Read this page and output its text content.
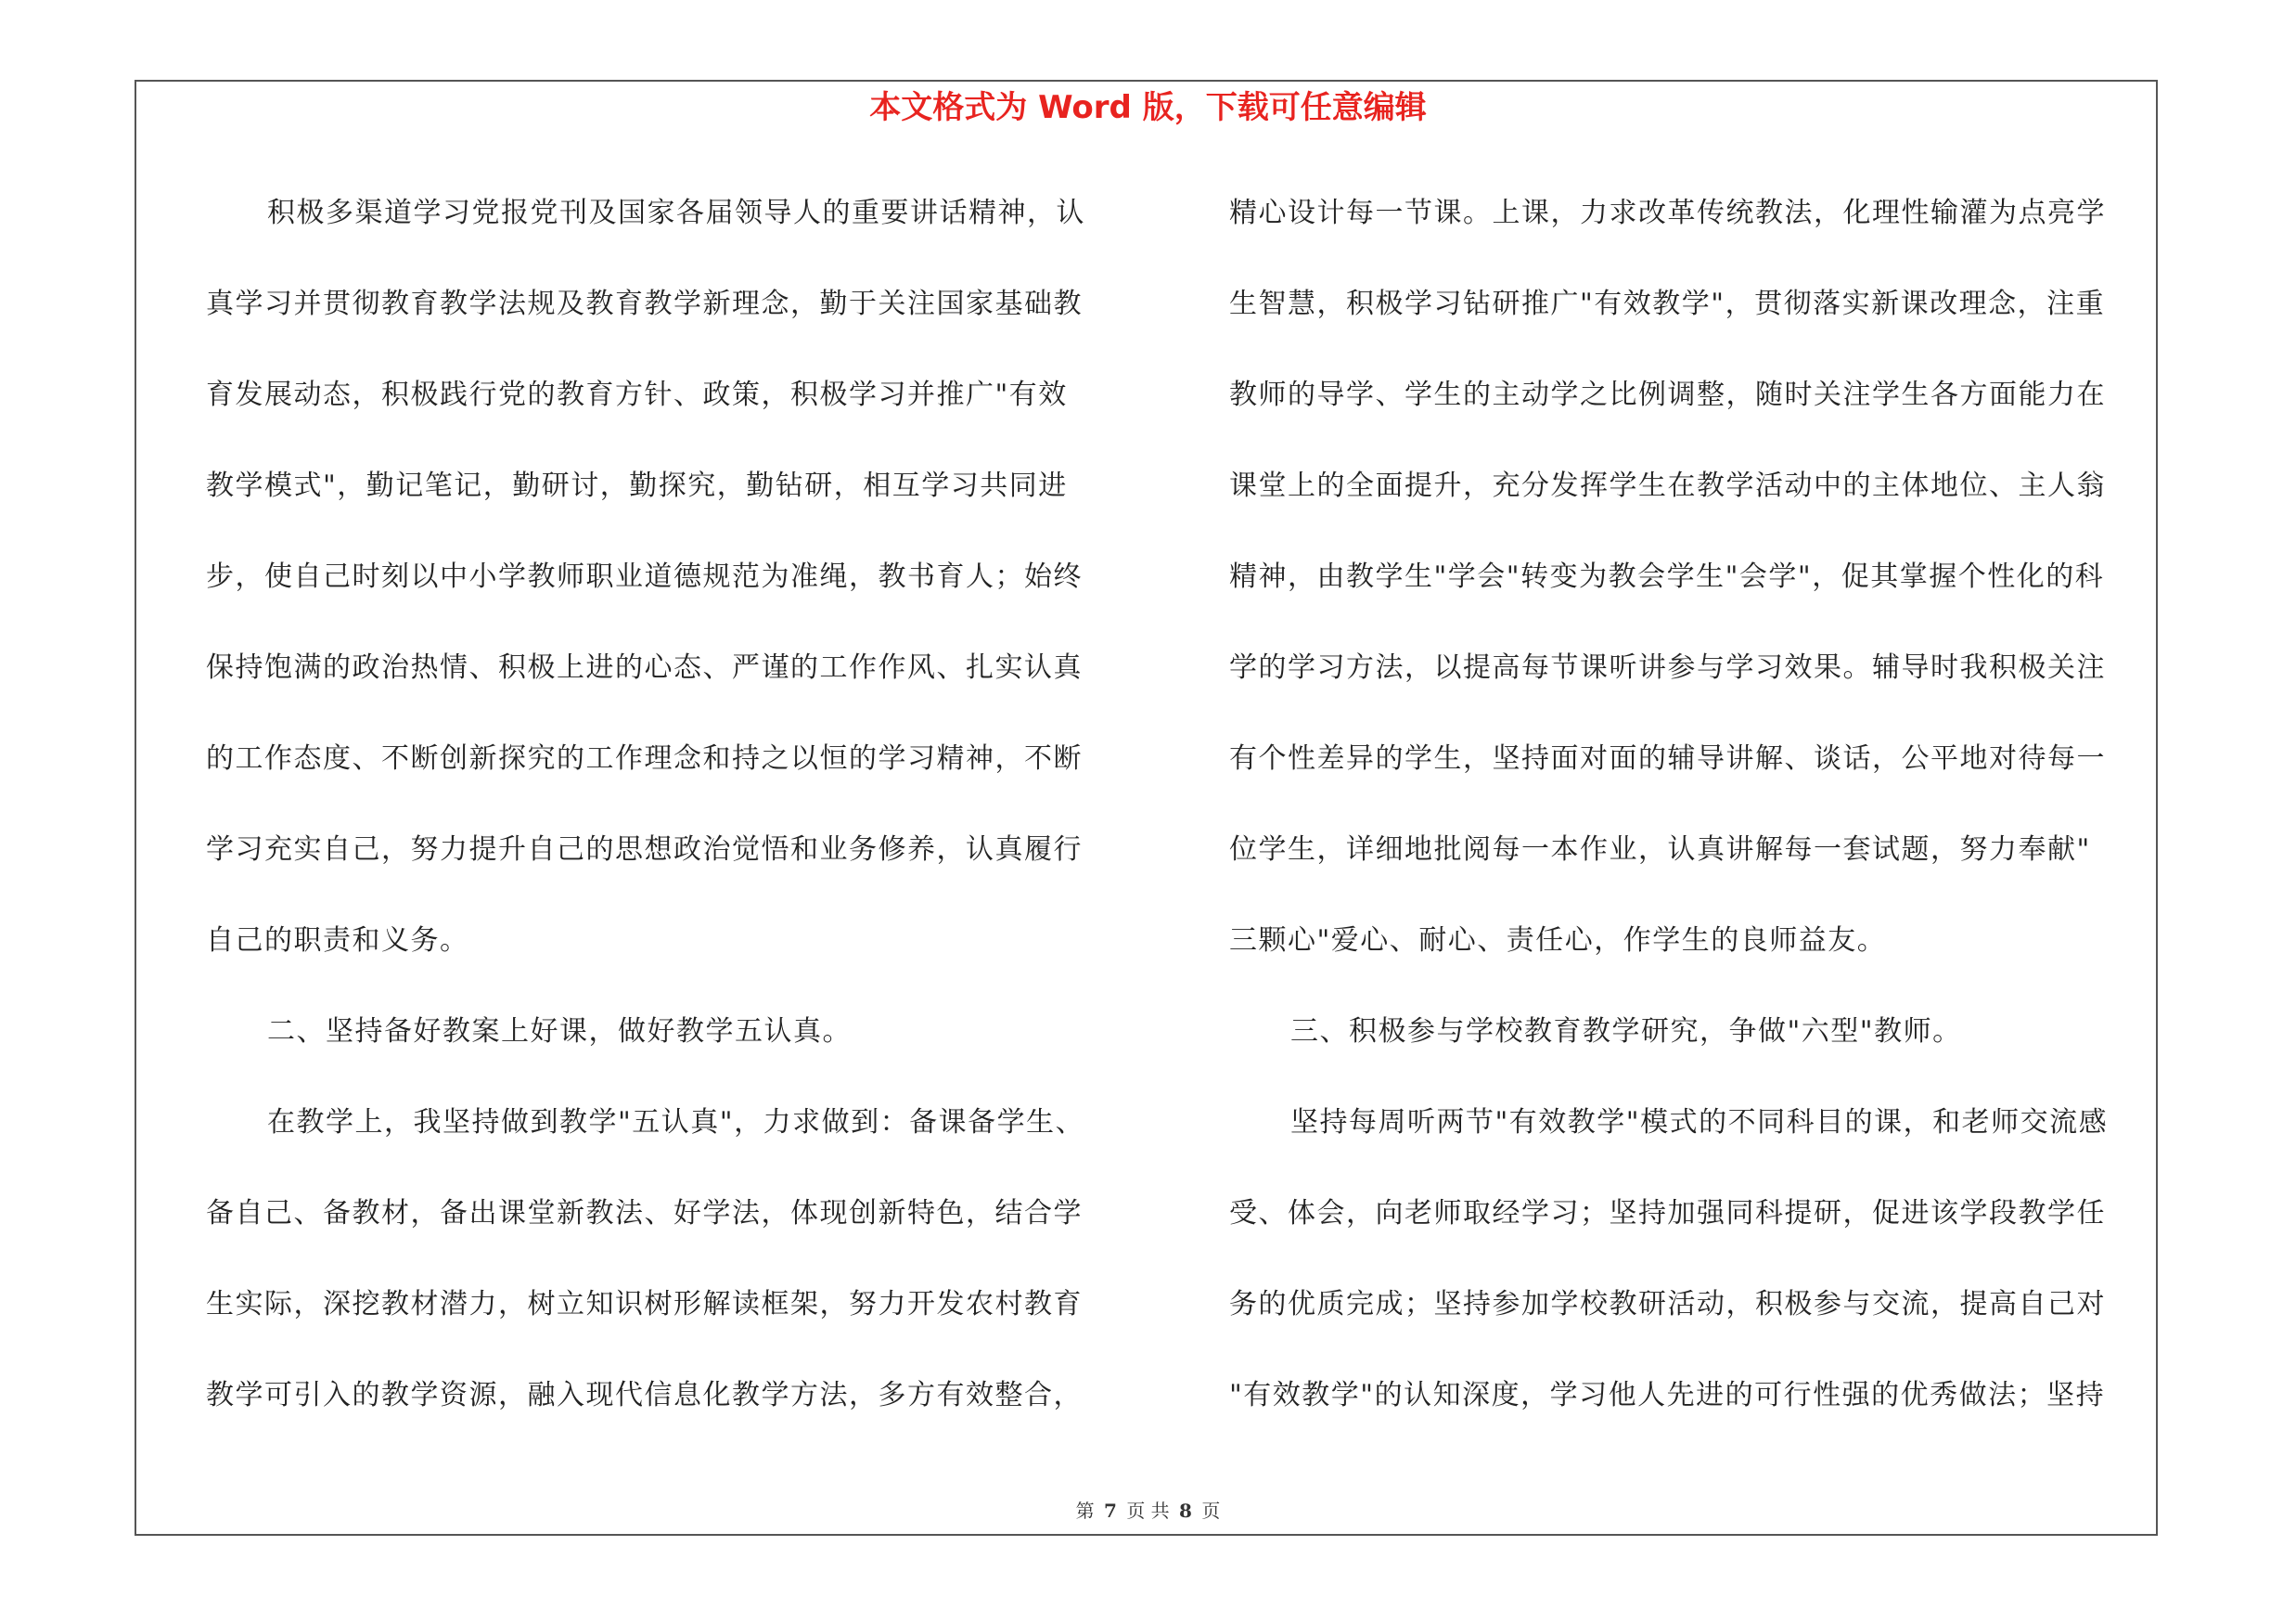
本文格式为 Word 版，下载可任意编辑
积极多渠道学习党报党刊及国家各届领导人的重要讲话精神，认
真学习并贯彻教育教学法规及教育教学新理念，勤于关注国家基础教
育发展动态，积极践行党的教育方针、政策，积极学习并推广"有效
教学模式"，勤记笔记，勤研讨，勤探究，勤钻研，相互学习共同进
步，使自己时刻以中小学教师职业道德规范为准绳，教书育人；始终
保持饱满的政治热情、积极上进的心态、严谨的工作作风、扎实认真
的工作态度、不断创新探究的工作理念和持之以恒的学习精神，不断
学习充实自己，努力提升自己的思想政治觉悟和业务修养，认真履行
自己的职责和义务。
二、坚持备好教案上好课，做好教学五认真。
在教学上，我坚持做到教学"五认真"，力求做到：备课备学生、
备自己、备教材，备出课堂新教法、好学法，体现创新特色，结合学
生实际，深挖教材潜力，树立知识树形解读框架，努力开发农村教育
教学可引入的教学资源，融入现代信息化教学方法，多方有效整合，
精心设计每一节课。上课，力求改革传统教法，化理性输灌为点亮学
生智慧，积极学习钻研推广"有效教学"，贯彻落实新课改理念，注重
教师的导学、学生的主动学之比例调整，随时关注学生各方面能力在
课堂上的全面提升，充分发挥学生在教学活动中的主体地位、主人翁
精神，由教学生"学会"转变为教会学生"会学"，促其掌握个性化的科
学的学习方法，以提高每节课听讲参与学习效果。辅导时我积极关注
有个性差异的学生，坚持面对面的辅导讲解、谈话，公平地对待每一
位学生，详细地批阅每一本作业，认真讲解每一套试题，努力奉献"
三颗心"爱心、耐心、责任心，作学生的良师益友。
三、积极参与学校教育教学研究，争做"六型"教师。
坚持每周听两节"有效教学"模式的不同科目的课，和老师交流感
受、体会，向老师取经学习；坚持加强同科提研，促进该学段教学任
务的优质完成；坚持参加学校教研活动，积极参与交流，提高自己对
"有效教学"的认知深度，学习他人先进的可行性强的优秀做法；坚持
第 7 页 共 8 页
